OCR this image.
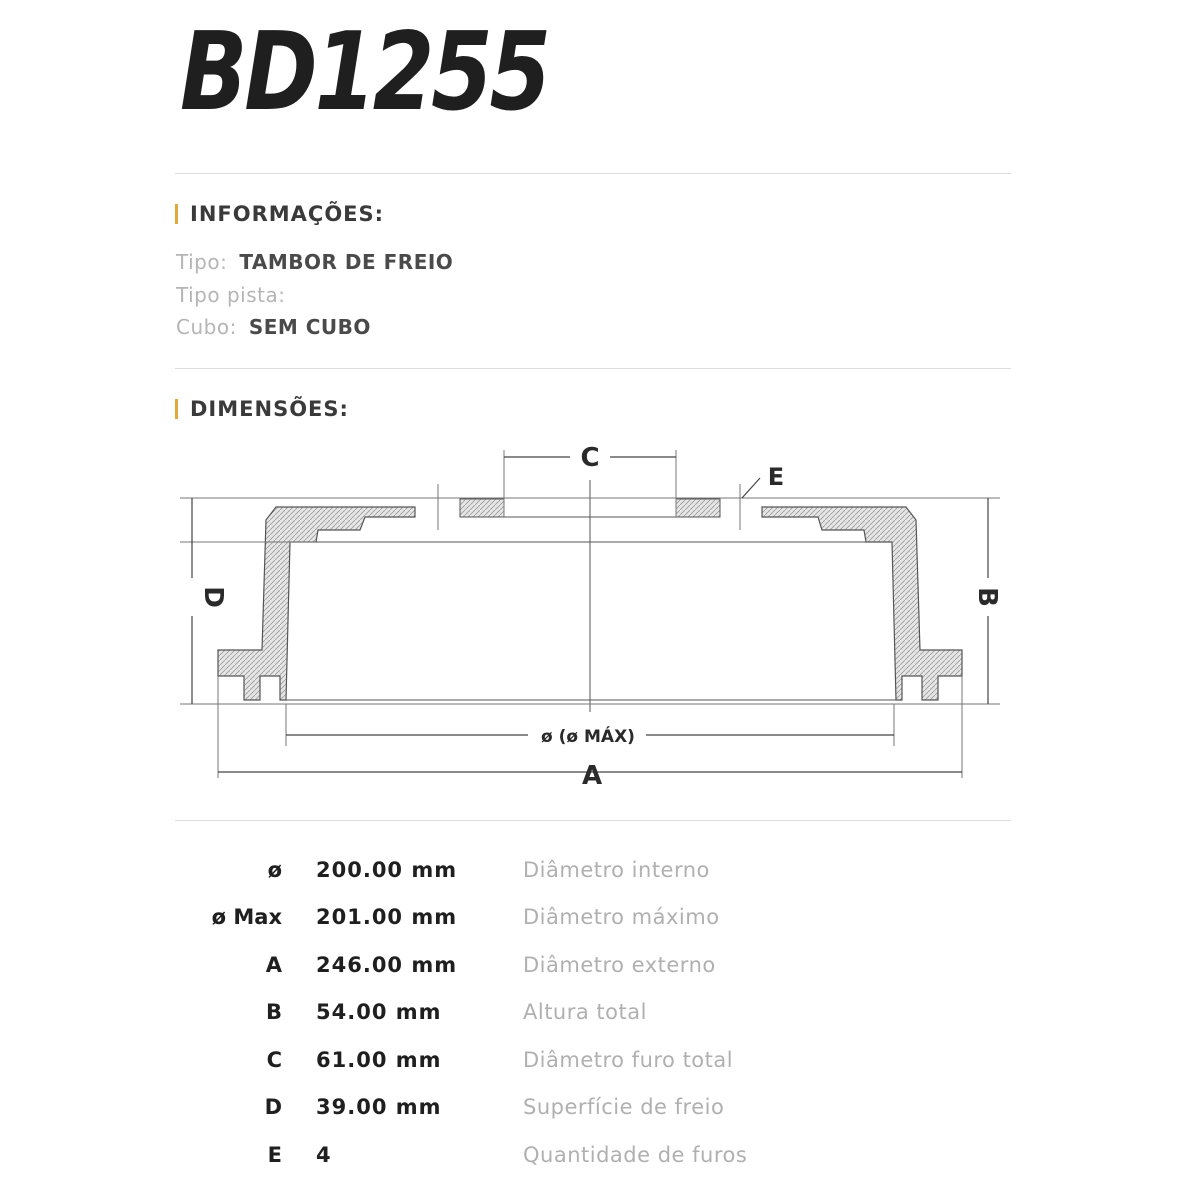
BD1255
INFORMAÇÕES:
Tipo: TAMBOR DE FREIO
Tipo pista:
Cubo: SEM CUBO
DIMENSÕES:
C
E
D	B
ø (ø MÁX)
A
ø 200.00 mm	Diâmetro interno
ø Max 201.00 mm	Diâmetro máximo
A 246.00 mm	Diâmetro externo
B 54.00 mm	Altura total
C 61.00 mm	Diâmetro furo total
D 39.00 mm	Superfície de freio
E 4	Quantidade de furos
